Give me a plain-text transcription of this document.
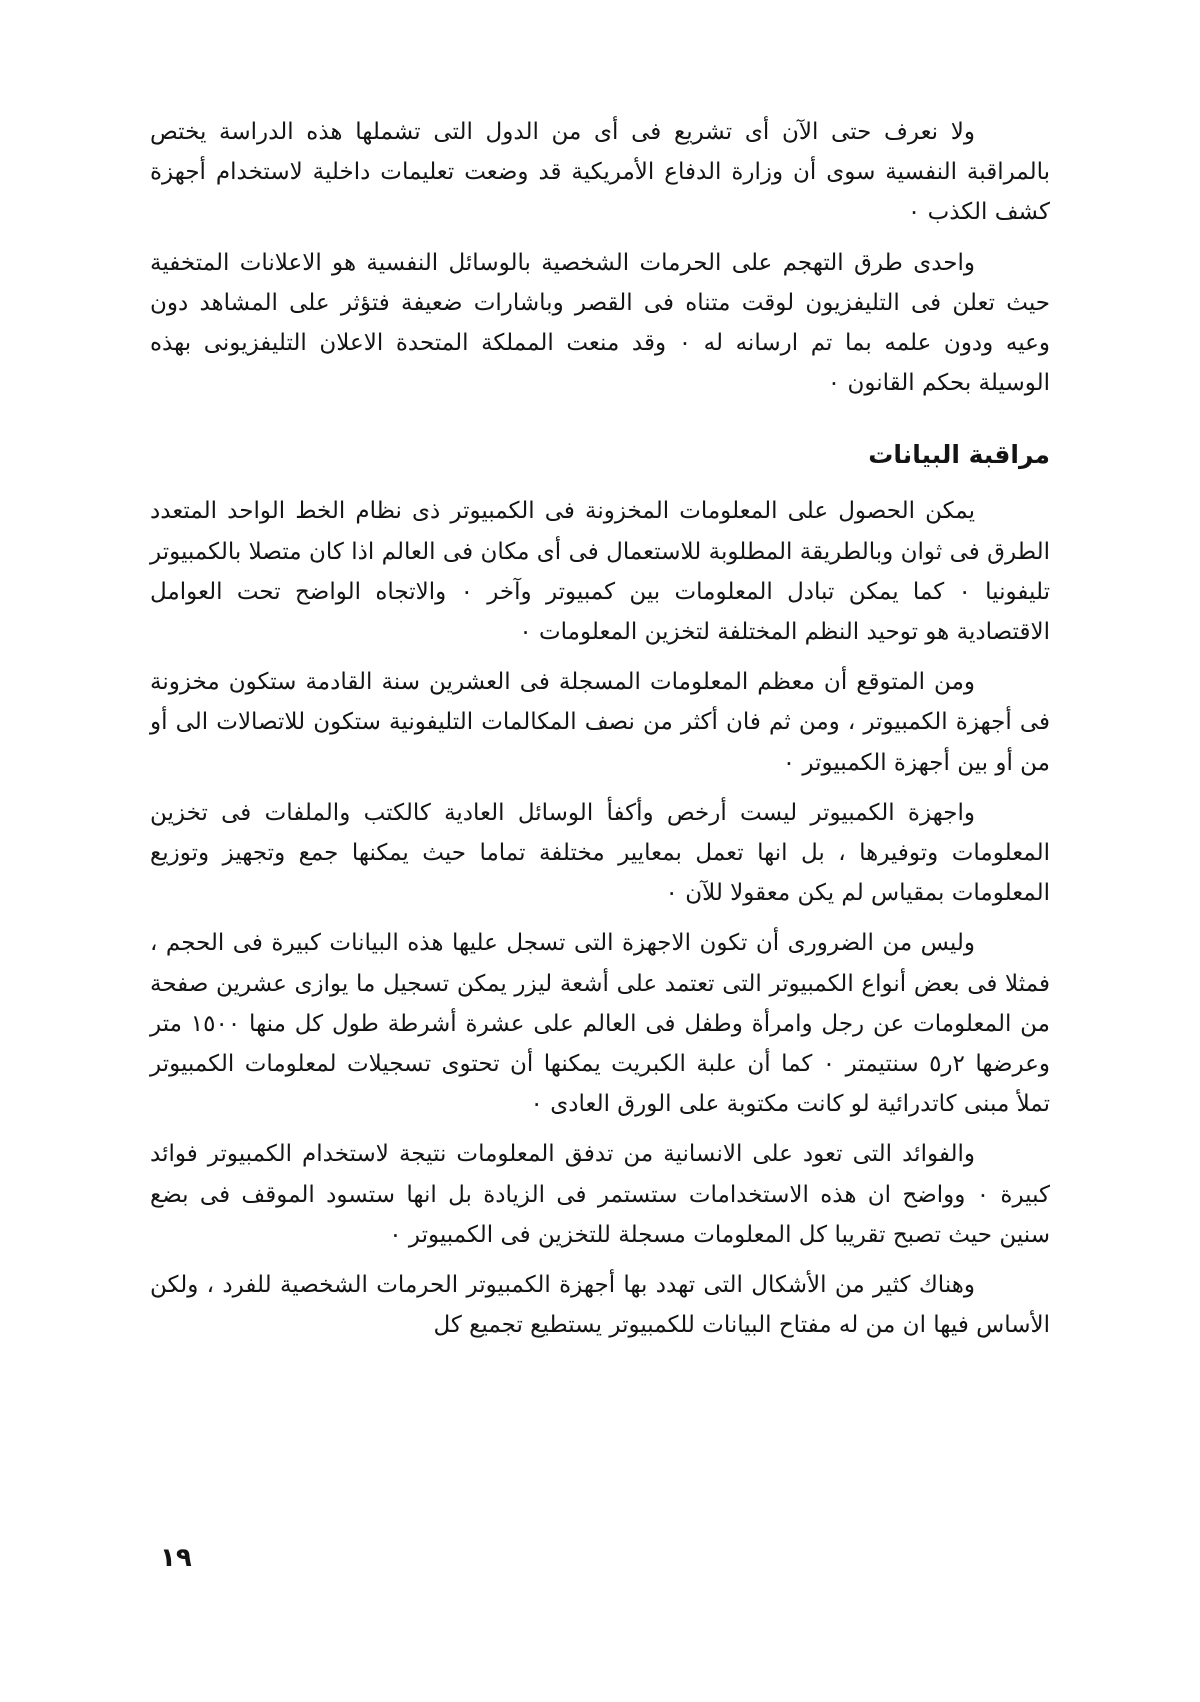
ولا نعرف حتى الآن أى تشريع فى أى من الدول التى تشملها هذه الدراسة يختص بالمراقبة النفسية سوى أن وزارة الدفاع الأمريكية قد وضعت تعليمات داخلية لاستخدام أجهزة كشف الكذب ٠

واحدى طرق التهجم على الحرمات الشخصية بالوسائل النفسية هو الاعلانات المتخفية حيث تعلن فى التليفزيون لوقت متناه فى القصر وباشارات ضعيفة فتؤثر على المشاهد دون وعيه ودون علمه بما تم ارسانه له ٠ وقد منعت المملكة المتحدة الاعلان التليفزيونى بهذه الوسيلة بحكم القانون ٠

مراقبة البيانات

يمكن الحصول على المعلومات المخزونة فى الكمبيوتر ذى نظام الخط الواحد المتعدد الطرق فى ثوان وبالطريقة المطلوبة للاستعمال فى أى مكان فى العالم اذا كان متصلا بالكمبيوتر تليفونيا ٠ كما يمكن تبادل المعلومات بين كمبيوتر وآخر ٠ والاتجاه الواضح تحت العوامل الاقتصادية هو توحيد النظم المختلفة لتخزين المعلومات ٠

ومن المتوقع أن معظم المعلومات المسجلة فى العشرين سنة القادمة ستكون مخزونة فى أجهزة الكمبيوتر ، ومن ثم فان أكثر من نصف المكالمات التليفونية ستكون للاتصالات الى أو من أو بين أجهزة الكمبيوتر ٠

واجهزة الكمبيوتر ليست أرخص وأكفأ الوسائل العادية كالكتب والملفات فى تخزين المعلومات وتوفيرها ، بل انها تعمل بمعايير مختلفة تماما حيث يمكنها جمع وتجهيز وتوزيع المعلومات بمقياس لم يكن معقولا للآن ٠

وليس من الضرورى أن تكون الاجهزة التى تسجل عليها هذه البيانات كبيرة فى الحجم ، فمثلا فى بعض أنواع الكمبيوتر التى تعتمد على أشعة ليزر يمكن تسجيل ما يوازى عشرين صفحة من المعلومات عن رجل وامرأة وطفل فى العالم على عشرة أشرطة طول كل منها ١٥٠٠ متر وعرضها ٢ر٥ سنتيمتر ٠ كما أن علبة الكبريت يمكنها أن تحتوى تسجيلات لمعلومات الكمبيوتر تملأ مبنى كاتدرائية لو كانت مكتوبة على الورق العادى ٠

والفوائد التى تعود على الانسانية من تدفق المعلومات نتيجة لاستخدام الكمبيوتر فوائد كبيرة ٠ وواضح ان هذه الاستخدامات ستستمر فى الزيادة بل انها ستسود الموقف فى بضع سنين حيث تصبح تقريبا كل المعلومات مسجلة للتخزين فى الكمبيوتر ٠

وهناك كثير من الأشكال التى تهدد بها أجهزة الكمبيوتر الحرمات الشخصية للفرد ، ولكن الأساس فيها ان من له مفتاح البيانات للكمبيوتر يستطيع تجميع كل

١٩
